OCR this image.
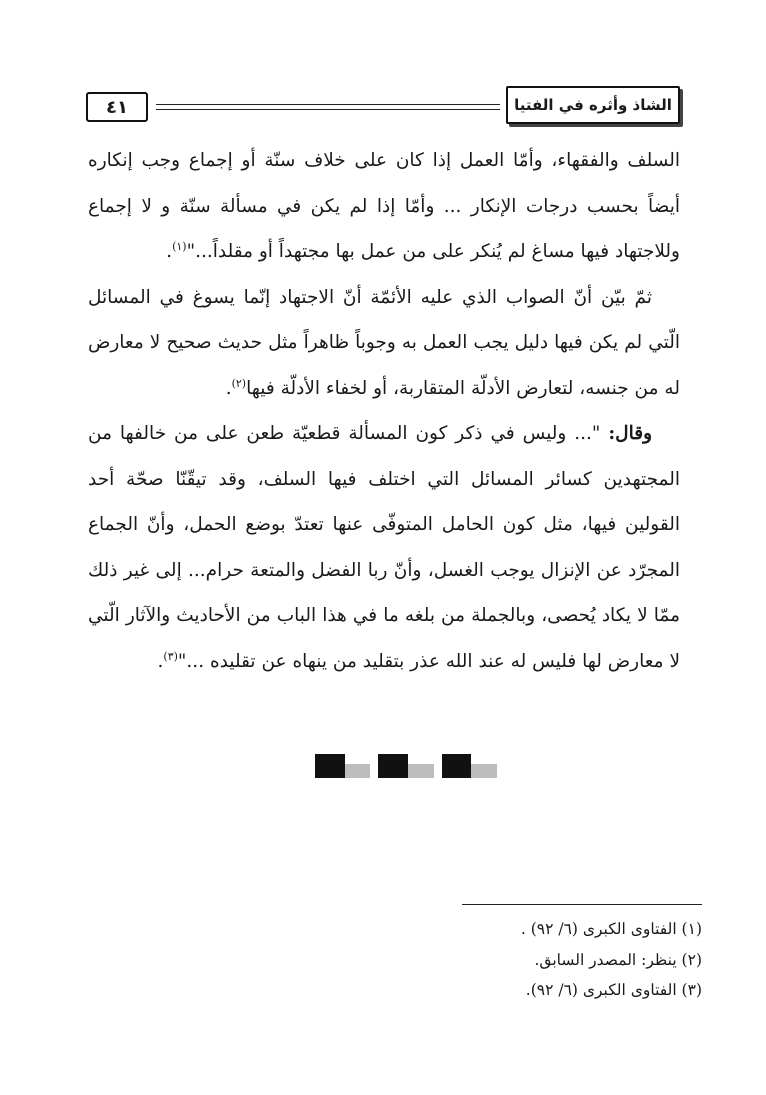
٤١	الشاذ وأثره في الفتيا

السلف والفقهاء، وأمّا العمل إذا كان على خلاف سنّة أو إجماع وجب إنكاره أيضاً بحسب درجات الإنكار ... وأمّا إذا لم يكن في مسألة سنّة و لا إجماع وللاجتهاد فيها مساغ لم يُنكر على من عمل بها مجتهداً أو مقلداً..."$^{(١)}$.

ثمّ بيّن أنّ الصواب الذي عليه الأئمّة أنّ الاجتهاد إنّما يسوغ في المسائل الّتي لم يكن فيها دليل يجب العمل به وجوباً ظاهراً مثل حديث صحيح لا معارض له من جنسه، لتعارض الأدلّة المتقاربة، أو لخفاء الأدلّة فيها$^{(٢)}$.

وقال: "... وليس في ذكر كون المسألة قطعيّة طعن على من خالفها من المجتهدين كسائر المسائل التي اختلف فيها السلف، وقد تيقّنّا صحّة أحد القولين فيها، مثل كون الحامل المتوفّى عنها تعتدّ بوضع الحمل، وأنّ الجماع المجرّد عن الإنزال يوجب الغسل، وأنّ ربا الفضل والمتعة حرام... إلى غير ذلك ممّا لا يكاد يُحصى، وبالجملة من بلغه ما في هذا الباب من الأحاديث والآثار الّتي لا معارض لها فليس له عند الله عذر بتقليد من ينهاه عن تقليده ..."$^{(٣)}$.

(١) الفتاوى الكبرى (٦/ ٩٢) .

(٢) ينظر: المصدر السابق.

(٣) الفتاوى الكبرى (٦/ ٩٢).
